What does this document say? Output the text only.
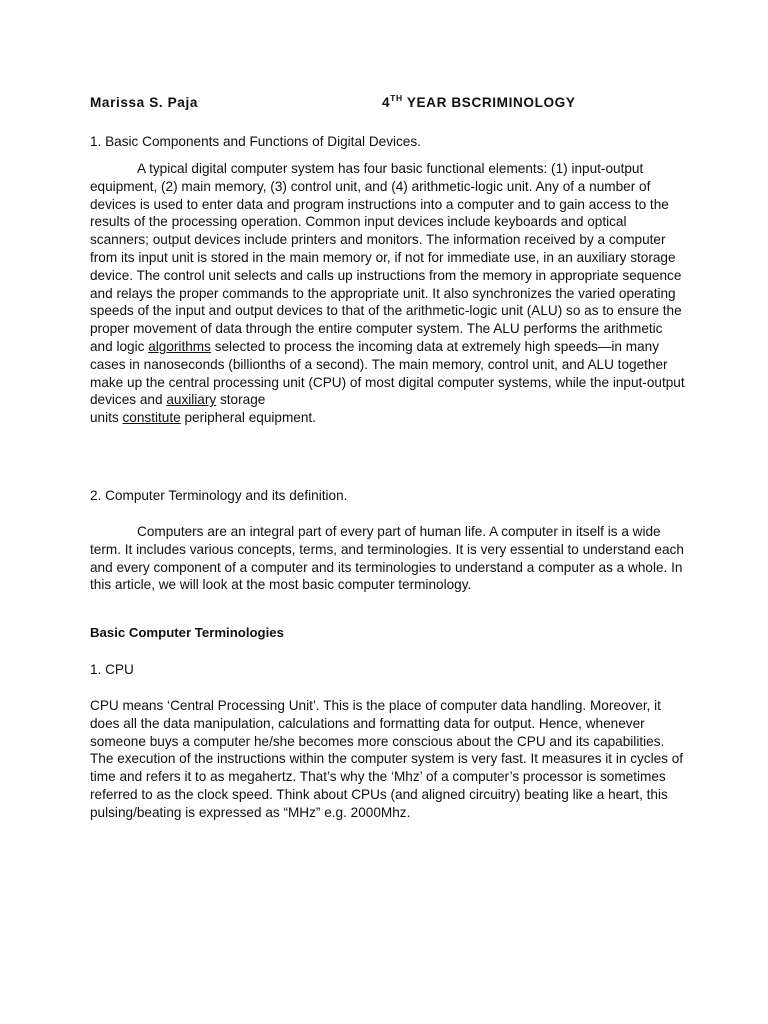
Marissa S. Paja	4TH YEAR BSCRIMINOLOGY
1. Basic Components and Functions of Digital Devices.
A typical digital computer system has four basic functional elements: (1) input-output equipment, (2) main memory, (3) control unit, and (4) arithmetic-logic unit. Any of a number of devices is used to enter data and program instructions into a computer and to gain access to the results of the processing operation. Common input devices include keyboards and optical scanners; output devices include printers and monitors. The information received by a computer from its input unit is stored in the main memory or, if not for immediate use, in an auxiliary storage device. The control unit selects and calls up instructions from the memory in appropriate sequence and relays the proper commands to the appropriate unit. It also synchronizes the varied operating speeds of the input and output devices to that of the arithmetic-logic unit (ALU) so as to ensure the proper movement of data through the entire computer system. The ALU performs the arithmetic and logic algorithms selected to process the incoming data at extremely high speeds—in many cases in nanoseconds (billionths of a second). The main memory, control unit, and ALU together make up the central processing unit (CPU) of most digital computer systems, while the input-output devices and auxiliary storage
units constitute peripheral equipment.
2. Computer Terminology and its definition.
Computers are an integral part of every part of human life. A computer in itself is a wide term. It includes various concepts, terms, and terminologies. It is very essential to understand each and every component of a computer and its terminologies to understand a computer as a whole. In this article, we will look at the most basic computer terminology.
Basic Computer Terminologies
1. CPU
CPU means ‘Central Processing Unit’. This is the place of computer data handling. Moreover, it does all the data manipulation, calculations and formatting data for output. Hence, whenever someone buys a computer he/she becomes more conscious about the CPU and its capabilities. The execution of the instructions within the computer system is very fast. It measures it in cycles of time and refers it to as megahertz. That’s why the ‘Mhz’ of a computer’s processor is sometimes referred to as the clock speed. Think about CPUs (and aligned circuitry) beating like a heart, this pulsing/beating is expressed as “MHz” e.g. 2000Mhz.
